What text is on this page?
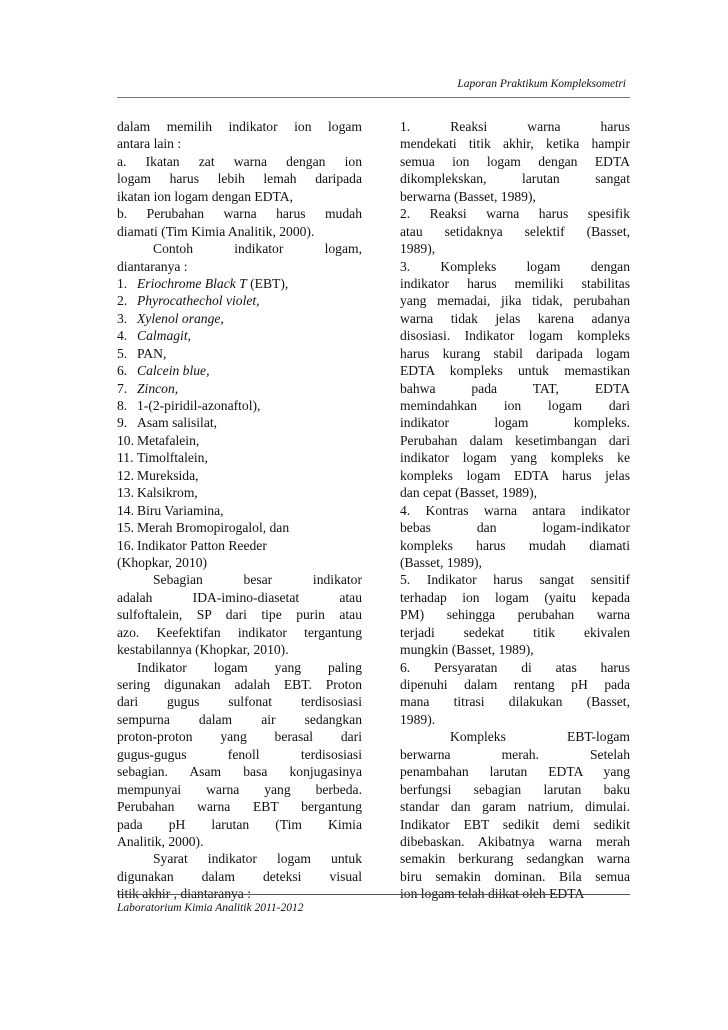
Laporan Praktikum Kompleksometri
dalam memilih indikator ion logam
antara lain :
a. Ikatan zat warna dengan ion
logam harus lebih lemah daripada
ikatan ion logam dengan EDTA,
b. Perubahan warna harus mudah
diamati (Tim Kimia Analitik, 2000).
Contoh indikator logam,
diantaranya :
1. Eriochrome Black T (EBT),
2. Phyrocathechol violet,
3. Xylenol orange,
4. Calmagit,
5. PAN,
6. Calcein blue,
7. Zincon,
8. 1-(2-piridil-azonaftol),
9. Asam salisilat,
10. Metafalein,
11. Timolftalein,
12. Mureksida,
13. Kalsikrom,
14. Biru Variamina,
15. Merah Bromopirogalol, dan
16. Indikator Patton Reeder
(Khopkar, 2010)
Sebagian besar indikator
adalah IDA-imino-diasetat atau
sulfoftalein, SP dari tipe purin atau
azo. Keefektifan indikator tergantung
kestabilannya (Khopkar, 2010).
Indikator logam yang paling
sering digunakan adalah EBT. Proton
dari gugus sulfonat terdisosiasi
sempurna dalam air sedangkan
proton-proton yang berasal dari
gugus-gugus fenoll terdisosiasi
sebagian. Asam basa konjugasinya
mempunyai warna yang berbeda.
Perubahan warna EBT bergantung
pada pH larutan (Tim Kimia
Analitik, 2000).
Syarat indikator logam untuk
digunakan dalam deteksi visual
titik akhir , diantaranya :
1. Reaksi warna harus
mendekati titik akhir, ketika hampir
semua ion logam dengan EDTA
dikomplekskan, larutan sangat
berwarna (Basset, 1989),
2. Reaksi warna harus spesifik
atau setidaknya selektif (Basset,
1989),
3. Kompleks logam dengan
indikator harus memiliki stabilitas
yang memadai, jika tidak, perubahan
warna tidak jelas karena adanya
disosiasi. Indikator logam kompleks
harus kurang stabil daripada logam
EDTA kompleks untuk memastikan
bahwa pada TAT, EDTA
memindahkan ion logam dari
indikator logam kompleks.
Perubahan dalam kesetimbangan dari
indikator logam yang kompleks ke
kompleks logam EDTA harus jelas
dan cepat (Basset, 1989),
4. Kontras warna antara indikator
bebas dan logam-indikator
kompleks harus mudah diamati
(Basset, 1989),
5. Indikator harus sangat sensitif
terhadap ion logam (yaitu kepada
PM) sehingga perubahan warna
terjadi sedekat titik ekivalen
mungkin (Basset, 1989),
6. Persyaratan di atas harus
dipenuhi dalam rentang pH pada
mana titrasi dilakukan (Basset,
1989).
Kompleks EBT-logam
berwarna merah. Setelah
penambahan larutan EDTA yang
berfungsi sebagian larutan baku
standar dan garam natrium, dimulai.
Indikator EBT sedikit demi sedikit
dibebaskan. Akibatnya warna merah
semakin berkurang sedangkan warna
biru semakin dominan. Bila semua
ion logam telah diikat oleh EDTA
Laboratorium Kimia Analitik 2011-2012
